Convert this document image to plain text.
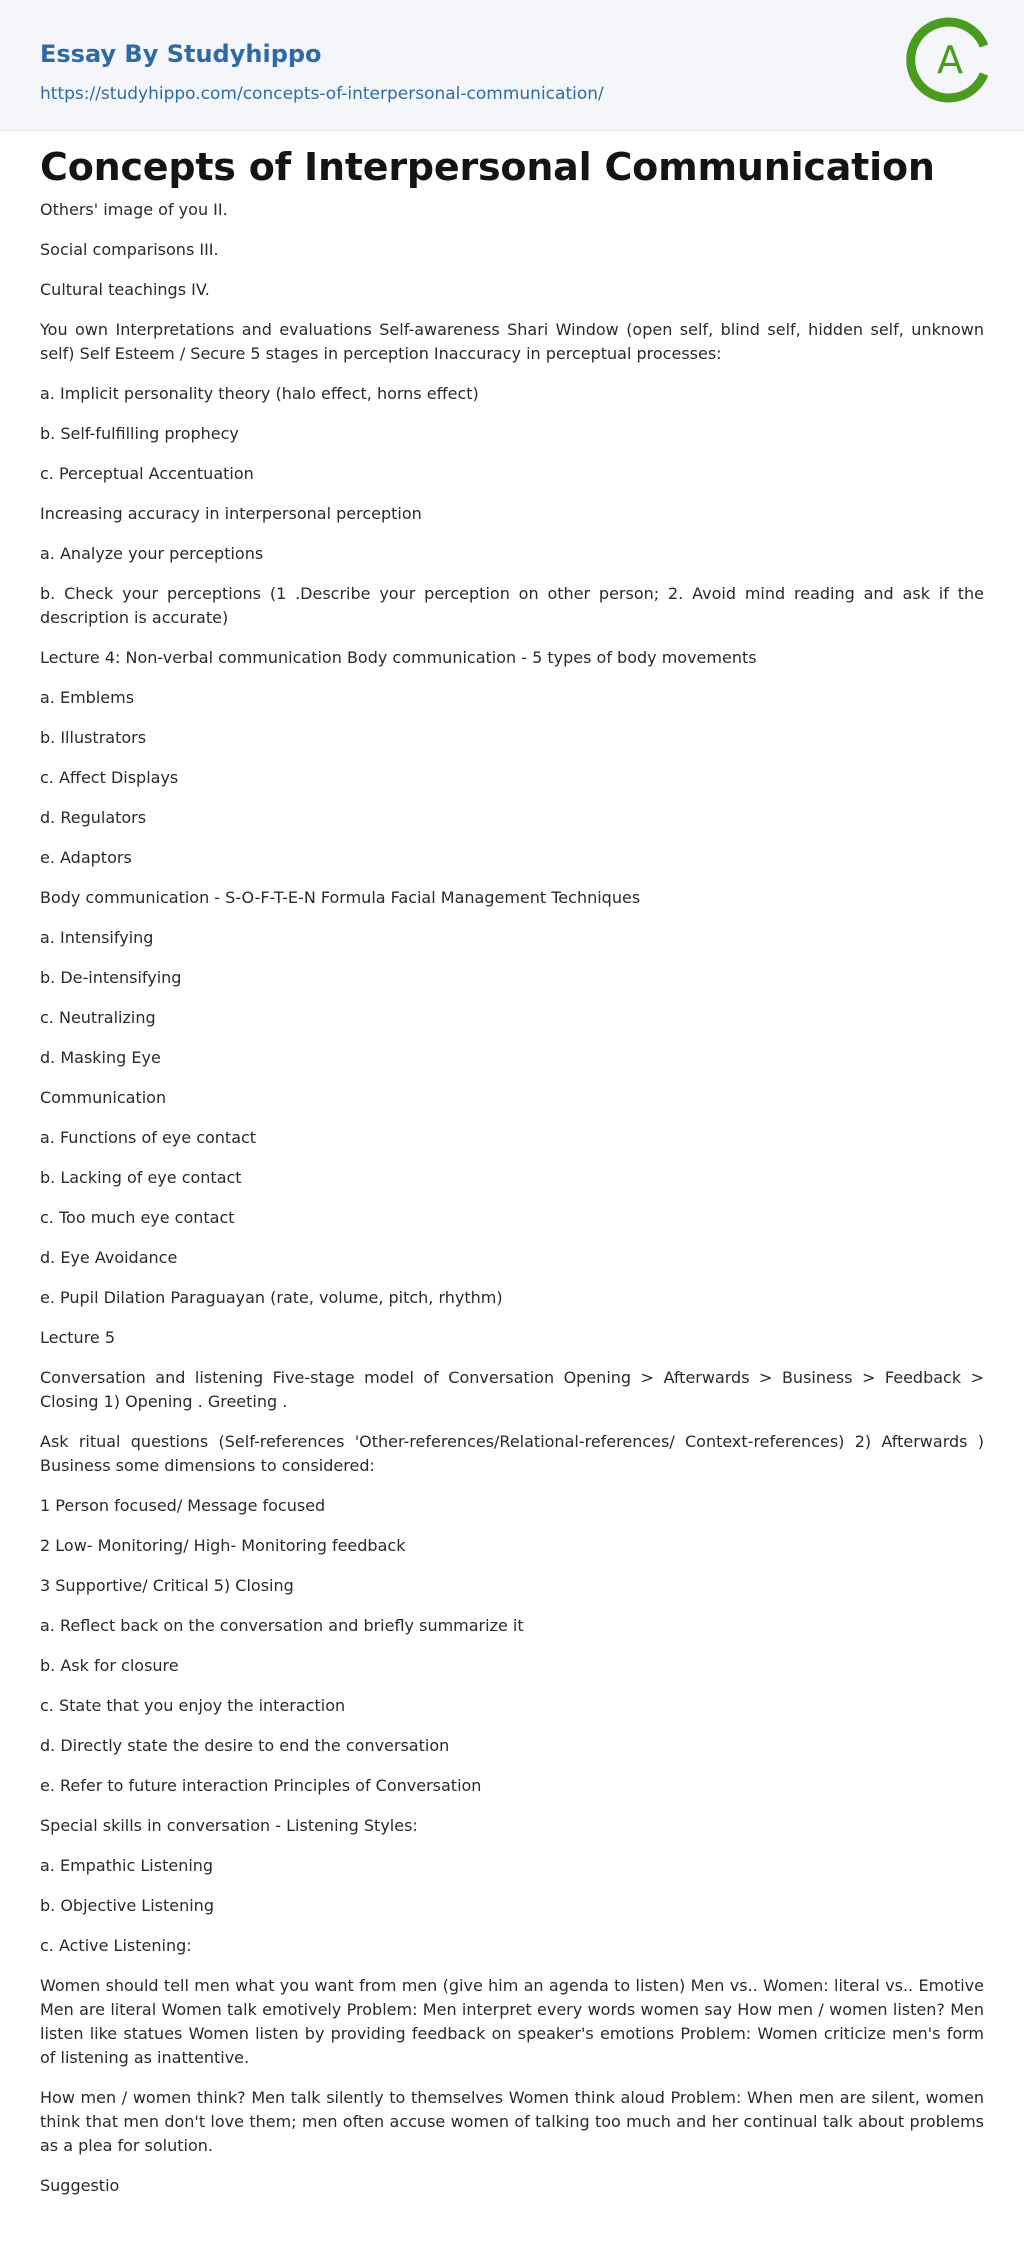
Essay By Studyhippo
https://studyhippo.com/concepts-of-interpersonal-communication/
A
Concepts of Interpersonal Communication

Others' image of you II.

Social comparisons III.

Cultural teachings IV.

You own Interpretations and evaluations Self-awareness Shari Window (open self, blind self, hidden self, unknown self) Self Esteem / Secure 5 stages in perception Inaccuracy in perceptual processes:

a. Implicit personality theory (halo effect, horns effect)

b. Self-fulfilling prophecy

c. Perceptual Accentuation

Increasing accuracy in interpersonal perception

a. Analyze your perceptions

b. Check your perceptions (1 .Describe your perception on other person; 2. Avoid mind reading and ask if the description is accurate)

Lecture 4: Non-verbal communication Body communication - 5 types of body movements

a. Emblems

b. Illustrators

c. Affect Displays

d. Regulators

e. Adaptors

Body communication - S-O-F-T-E-N Formula Facial Management Techniques

a. Intensifying

b. De-intensifying

c. Neutralizing

d. Masking Eye

Communication

a. Functions of eye contact

b. Lacking of eye contact

c. Too much eye contact

d. Eye Avoidance

e. Pupil Dilation Paraguayan (rate, volume, pitch, rhythm)

Lecture 5

Conversation and listening Five-stage model of Conversation Opening > Afterwards > Business > Feedback > Closing 1) Opening . Greeting .

Ask ritual questions (Self-references 'Other-references/Relational-references/ Context-references) 2) Afterwards ) Business some dimensions to considered:

1 Person focused/ Message focused

2 Low- Monitoring/ High- Monitoring feedback

3 Supportive/ Critical 5) Closing

a. Reflect back on the conversation and briefly summarize it

b. Ask for closure

c. State that you enjoy the interaction

d. Directly state the desire to end the conversation

e. Refer to future interaction Principles of Conversation

Special skills in conversation - Listening Styles:

a. Empathic Listening

b. Objective Listening

c. Active Listening:

Women should tell men what you want from men (give him an agenda to listen) Men vs.. Women: literal vs.. Emotive Men are literal Women talk emotively Problem: Men interpret every words women say How men / women listen? Men listen like statues Women listen by providing feedback on speaker's emotions Problem: Women criticize men's form of listening as inattentive.

How men / women think? Men talk silently to themselves Women think aloud Problem: When men are silent, women think that men don't love them; men often accuse women of talking too much and her continual talk about problems as a plea for solution.

Suggestio
